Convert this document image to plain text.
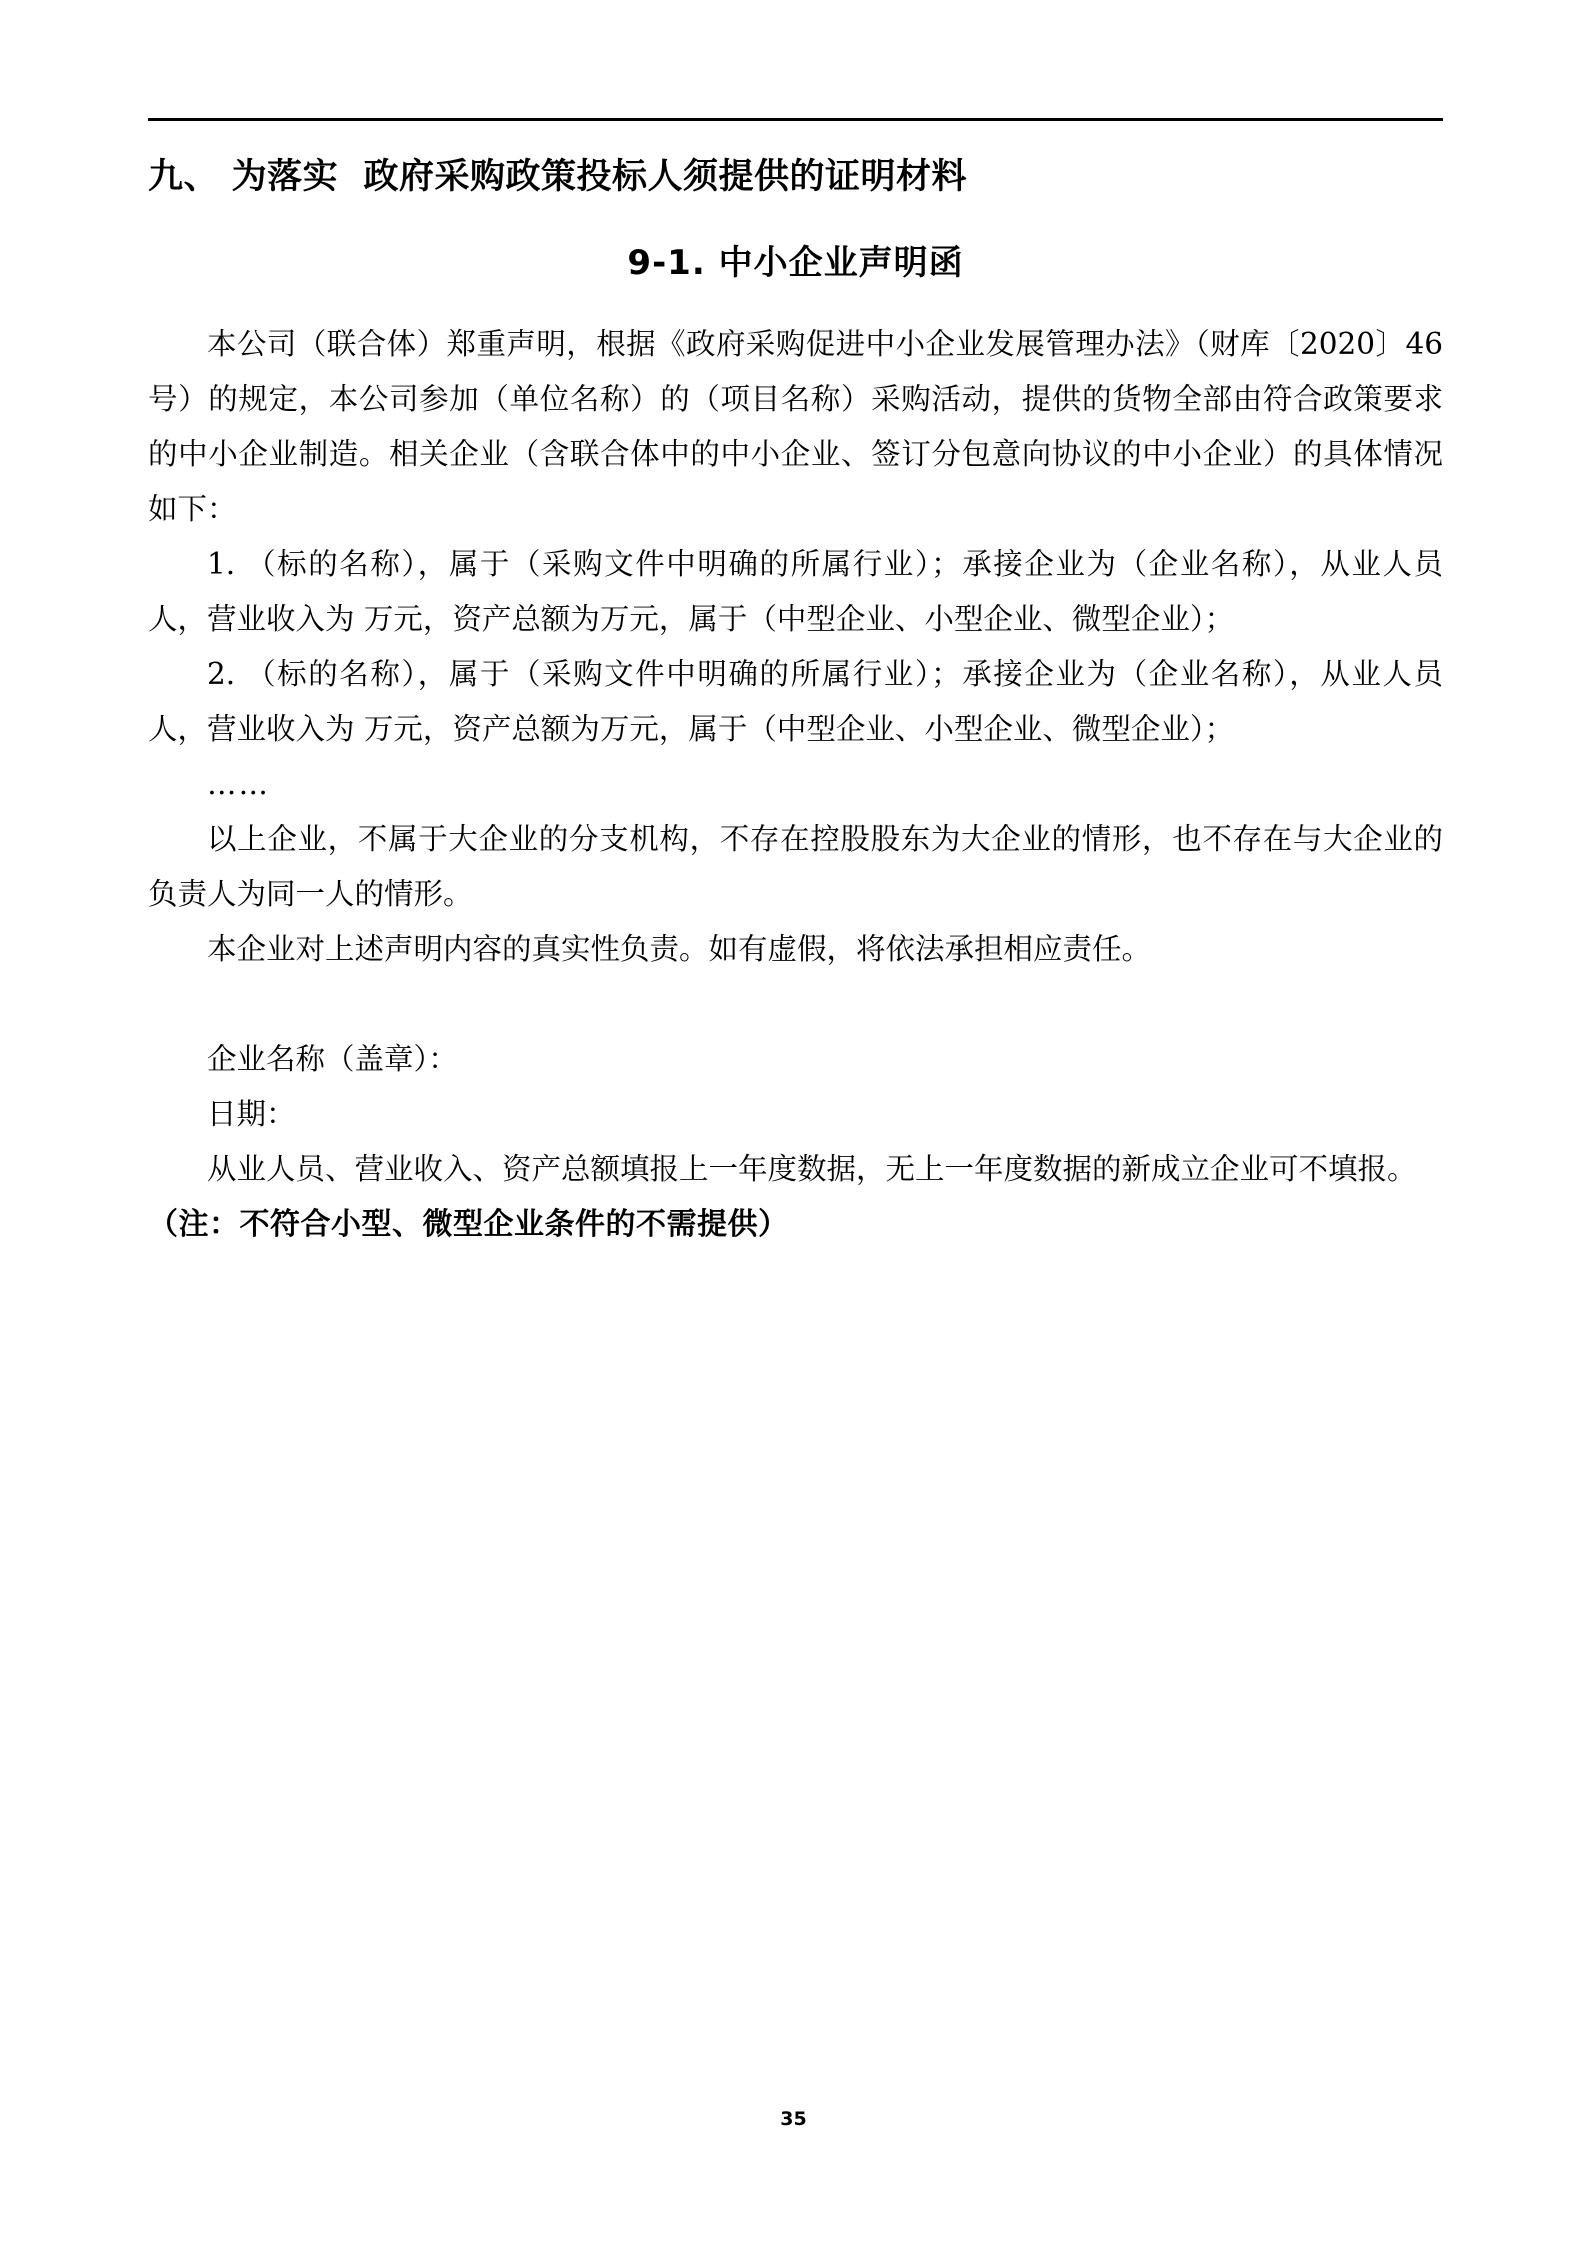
九、 为落实  政府采购政策投标人须提供的证明材料
9-1. 中小企业声明函

本公司（联合体）郑重声明，根据《政府采购促进中小企业发展管理办法》（财库〔2020〕46 号）的规定，本公司参加（单位名称）的（项目名称）采购活动，提供的货物全部由符合政策要求的中小企业制造。相关企业（含联合体中的中小企业、签订分包意向协议的中小企业）的具体情况如下：

1. （标的名称），属于（采购文件中明确的所属行业）；承接企业为（企业名称），从业人员 人，营业收入为 万元，资产总额为万元，属于（中型企业、小型企业、微型企业）；

2. （标的名称），属于（采购文件中明确的所属行业）；承接企业为（企业名称），从业人员 人，营业收入为 万元，资产总额为万元，属于（中型企业、小型企业、微型企业）；

……

以上企业，不属于大企业的分支机构，不存在控股股东为大企业的情形，也不存在与大企业的负责人为同一人的情形。

本企业对上述声明内容的真实性负责。如有虚假，将依法承担相应责任。

企业名称（盖章）：

日期：

从业人员、营业收入、资产总额填报上一年度数据，无上一年度数据的新成立企业可不填报。

（注：不符合小型、微型企业条件的不需提供）

35
